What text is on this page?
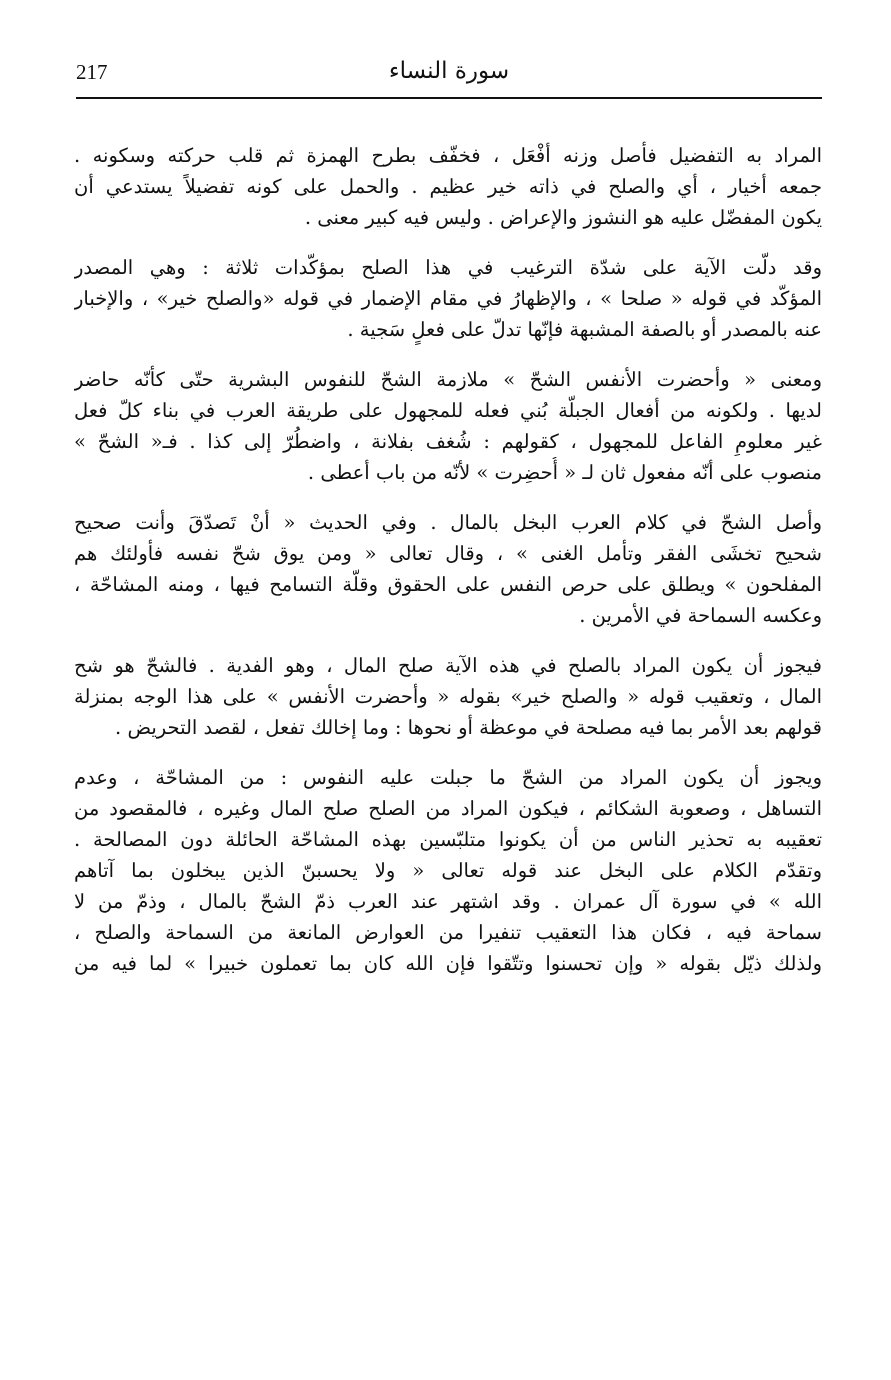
217	سورة النساء
المراد به التفضيل فأصل وزنه أفْعَل ، فخفّف بطرح الهمزة ثم قلب حركته وسكونه .
جمعه أخيار ، أي والصلح في ذاته خير عظيم . والحمل على كونه تفضيلاً يستدعي أن
يكون المفضّل عليه هو النشوز والإعراض . وليس فيه كبير معنى .
وقد دلّت الآية على شدّة الترغيب في هذا الصلح بمؤكّدات ثلاثة : وهي المصدر
المؤكّد في قوله « صلحا » ، والإظهارُ في مقام الإضمار في قوله «والصلح خير» ، والإخبار
عنه بالمصدر أو بالصفة المشبهة فإنّها تدلّ على فعلٍ سَجية .
ومعنى « وأحضرت الأنفس الشحّ » ملازمة الشحّ للنفوس البشرية حتّى كأنّه حاضر
لديها . ولكونه من أفعال الجبلّة بُني فعله للمجهول على طريقة العرب في بناء كلّ فعل
غير معلومِ الفاعل للمجهول ، كقولهم : شُغف بفلانة ، واضطُرّ إلى كذا . فـ« الشحّ »
منصوب على أنّه مفعول ثان لـ « أُحضِرت » لأنّه من باب أعطى .
وأصل الشحّ في كلام العرب البخل بالمال . وفي الحديث « أنْ تَصدّقَ وأنت صحيح
شحيح تخشَى الفقر وتأمل الغنى » ، وقال تعالى « ومن يوق شحّ نفسه فأولئك هم
المفلحون » ويطلق على حرص النفس على الحقوق وقلّة التسامح فيها ، ومنه المشاحّة ،
وعكسه السماحة في الأمرين .
فيجوز أن يكون المراد بالصلح في هذه الآية صلح المال ، وهو الفدية . فالشحّ هو شح
المال ، وتعقيب قوله « والصلح خير» بقوله « وأحضرت الأنفس » على هذا الوجه بمنزلة
قولهم بعد الأمر بما فيه مصلحة في موعظة أو نحوها : وما إخالك تفعل ، لقصد التحريض .
ويجوز أن يكون المراد من الشحّ ما جبلت عليه النفوس : من المشاحّة ، وعدم
التساهل ، وصعوبة الشكائم ، فيكون المراد من الصلح صلح المال وغيره ، فالمقصود من
تعقيبه به تحذير الناس من أن يكونوا متلبّسين بهذه المشاحّة الحائلة دون المصالحة .
وتقدّم الكلام على البخل عند قوله تعالى « ولا يحسبنّ الذين يبخلون بما آتاهم
الله » في سورة آل عمران . وقد اشتهر عند العرب ذمّ الشحّ بالمال ، وذمّ من لا
سماحة فيه ، فكان هذا التعقيب تنفيرا من العوارض المانعة من السماحة والصلح ،
ولذلك ذيّل بقوله « وإن تحسنوا وتتّقوا فإن الله كان بما تعملون خبيرا » لما فيه من
